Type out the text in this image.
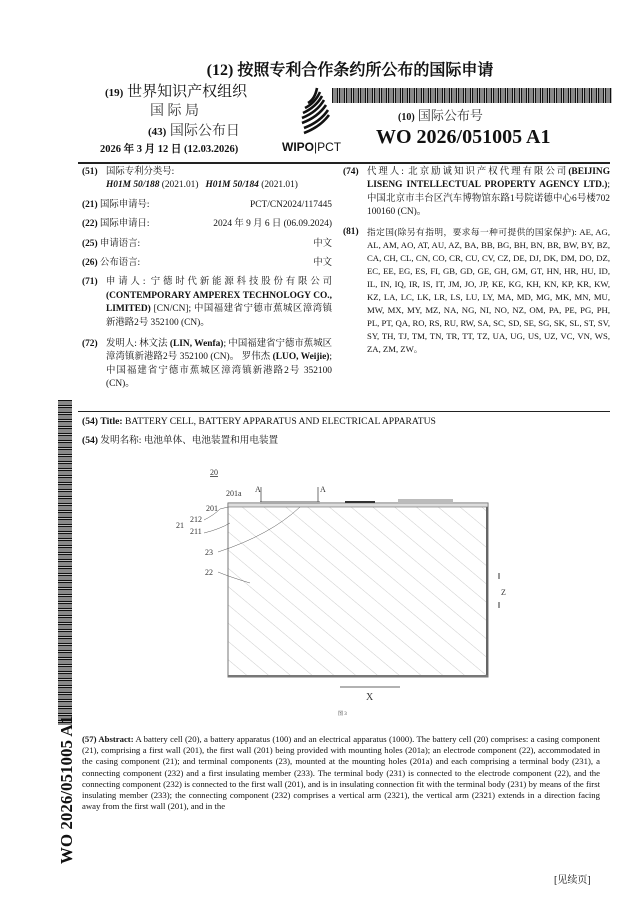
(12) 按照专利合作条约所公布的国际申请
(19) 世界知识产权组织
国 际 局
(43) 国际公布日
2026 年 3 月 12 日 (12.03.2026)	WIPO|PCT
(10) 国际公布号
WO 2026/051005 A1
(51) 国际专利分类号:
H01M 50/188 (2021.01) H01M 50/184 (2021.01)
(21) 国际申请号:	PCT/CN2024/117445
(22) 国际申请日:	2024 年 9 月 6 日 (06.09.2024)
(25) 申请语言:	中文
(26) 公布语言:	中文
(71) 申请人: 宁德时代新能源科技股份有限公司 (CONTEMPORARY AMPEREX TECHNOLOGY CO., LIMITED) [CN/CN]; 中国福建省宁德市蕉城区漳湾镇新港路2号 352100 (CN)。
(72) 发明人: 林文法 (LIN, Wenfa); 中国福建省宁德市蕉城区漳湾镇新港路2号 352100 (CN)。 罗伟杰 (LUO, Weijie); 中国福建省宁德市蕉城区漳湾镇新港路2号 352100 (CN)。
(74) 代理人: 北京励诚知识产权代理有限公司(BEIJING LISENG INTELLECTUAL PROPERTY AGENCY LTD.); 中国北京市丰台区汽车博物馆东路1号院诺德中心6号楼702 100160 (CN)。
(81) 指定国(除另有指明，要求每一种可提供的国家保护): AE, AG, AL, AM, AO, AT, AU, AZ, BA, BB, BG, BH, BN, BR, BW, BY, BZ, CA, CH, CL, CN, CO, CR, CU, CV, CZ, DE, DJ, DK, DM, DO, DZ, EC, EE, EG, ES, FI, GB, GD, GE, GH, GM, GT, HN, HR, HU, ID, IL, IN, IQ, IR, IS, IT, JM, JO, JP, KE, KG, KH, KN, KP, KR, KW, KZ, LA, LC, LK, LR, LS, LU, LY, MA, MD, MG, MK, MN, MU, MW, MX, MY, MZ, NA, NG, NI, NO, NZ, OM, PA, PE, PG, PH, PL, PT, QA, RO, RS, RU, RW, SA, SC, SD, SE, SG, SK, SL, ST, SV, SY, TH, TJ, TM, TN, TR, TT, TZ, UA, UG, US, UZ, VC, VN, WS, ZA, ZM, ZW。
(54) Title: BATTERY CELL, BATTERY APPARATUS AND ELECTRICAL APPARATUS
(54) 发明名称: 电池单体、电池装置和用电装置
20
201a A	A
201
212
21
211
23
22
Z
X
图 3
(57) Abstract: A battery cell (20), a battery apparatus (100) and an electrical apparatus (1000). The battery cell (20) comprises: a casing component (21), comprising a first wall (201), the first wall (201) being provided with mounting holes (201a); an electrode component (22), accommodated in the casing component (21); and terminal components (23), mounted at the mounting holes (201a) and each comprising a terminal body (231), a connecting component (232) and a first insulating member (233). The terminal body (231) is connected to the electrode component (22), and the connecting component (232) is connected to the first wall (201), and is in insulating connection fit with the terminal body (231) by means of the first insulating member (233); the connecting component (232) comprises a vertical arm (2321), the vertical arm (2321) extends in a direction facing away from the first wall (201), and in the
WO 2026/051005 A1
[见续页]
